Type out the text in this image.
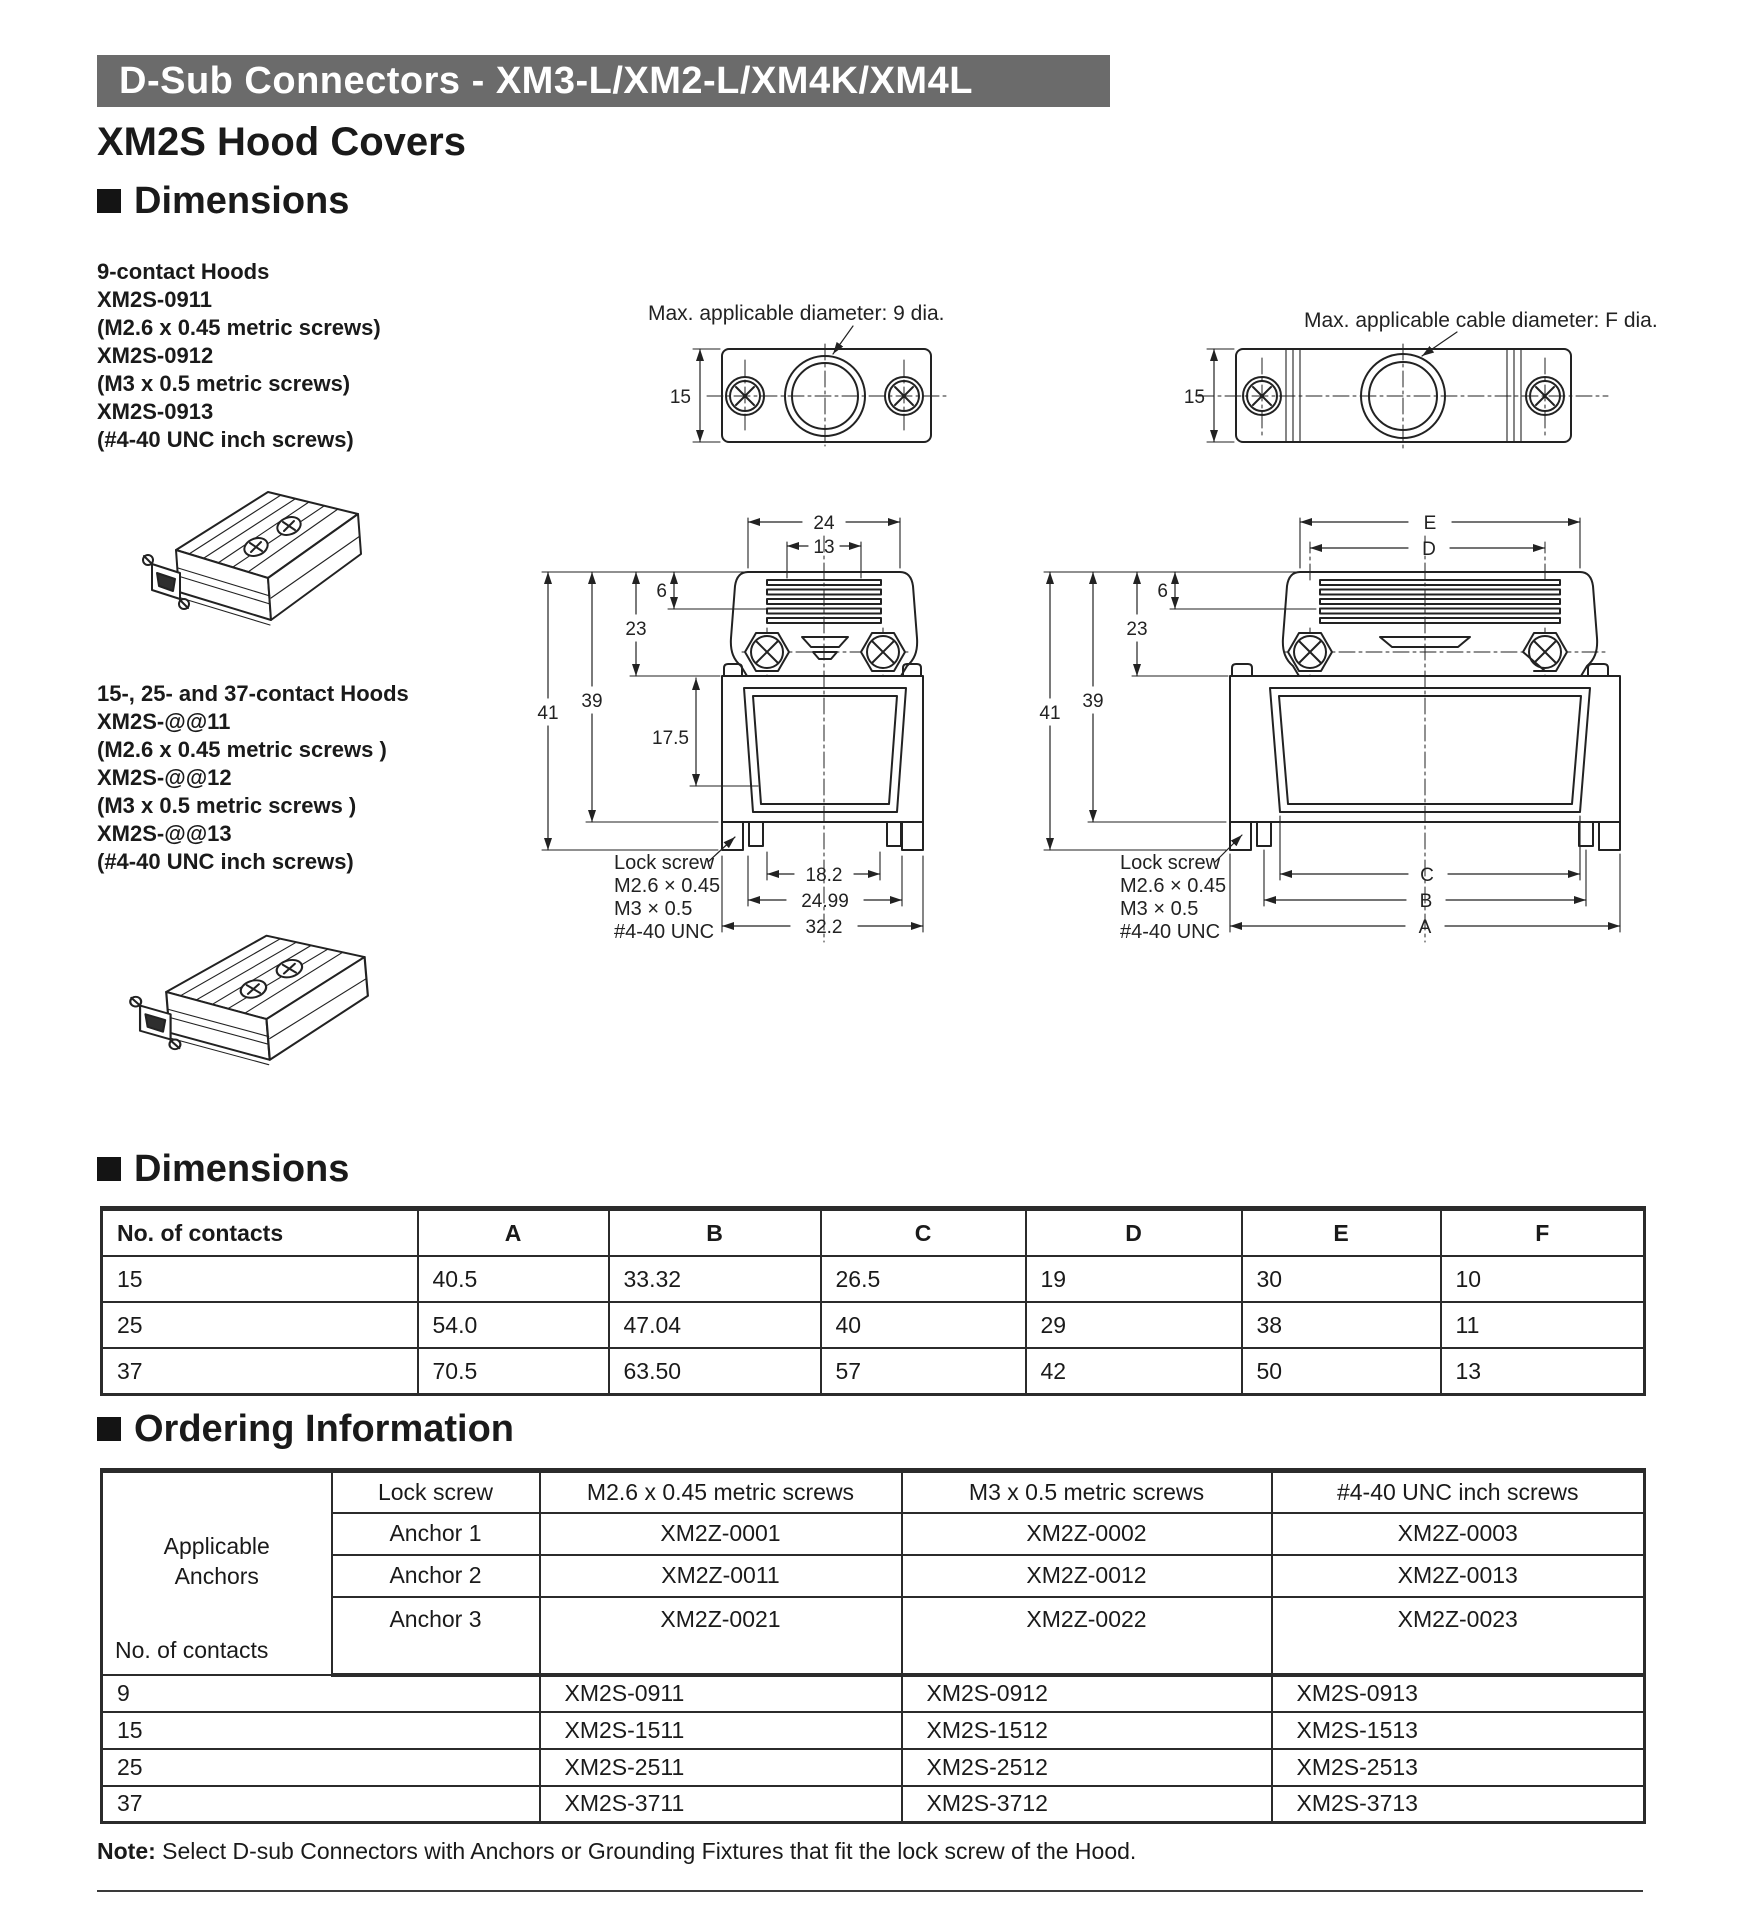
D-Sub Connectors - XM3-L/XM2-L/XM4K/XM4L
XM2S Hood Covers
Dimensions
9-contact Hoods
XM2S-0911
(M2.6 x 0.45 metric screws)
XM2S-0912
(M3 x 0.5 metric screws)
XM2S-0913
(#4-40 UNC inch screws)
15-, 25- and 37-contact Hoods
XM2S-@@11
(M2.6 x 0.45 metric screws )
XM2S-@@12
(M3 x 0.5 metric screws )
XM2S-@@13
(#4-40 UNC inch screws)
Max. applicable diameter: 9 dia.
15
Max. applicable cable diameter: F dia.
15
24
13
41
39
23
6
17.5
18.2
24.99
32.2
Lock screw
M2.6 × 0.45
M3 × 0.5
#4-40 UNC
E
D
41
39
23
6
C
B
A
Lock screw
M2.6 × 0.45
M3 × 0.5
#4-40 UNC
Dimensions
No. of contacts	A	B	C	D	E	F
15	40.5	33.32	26.5	19	30	10
25	54.0	47.04	40	29	38	11
37	70.5	63.50	57	42	50	13
Ordering Information
Applicable
Anchors
No. of contacts	Lock screw	M2.6 x 0.45 metric screws	M3 x 0.5 metric screws	#4-40 UNC inch screws
	Anchor 1	XM2Z-0001	XM2Z-0002	XM2Z-0003
	Anchor 2	XM2Z-0011	XM2Z-0012	XM2Z-0013
	Anchor 3	XM2Z-0021	XM2Z-0022	XM2Z-0023
9		XM2S-0911	XM2S-0912	XM2S-0913
15		XM2S-1511	XM2S-1512	XM2S-1513
25		XM2S-2511	XM2S-2512	XM2S-2513
37		XM2S-3711	XM2S-3712	XM2S-3713
Note: Select D-sub Connectors with Anchors or Grounding Fixtures that fit the lock screw of the Hood.
